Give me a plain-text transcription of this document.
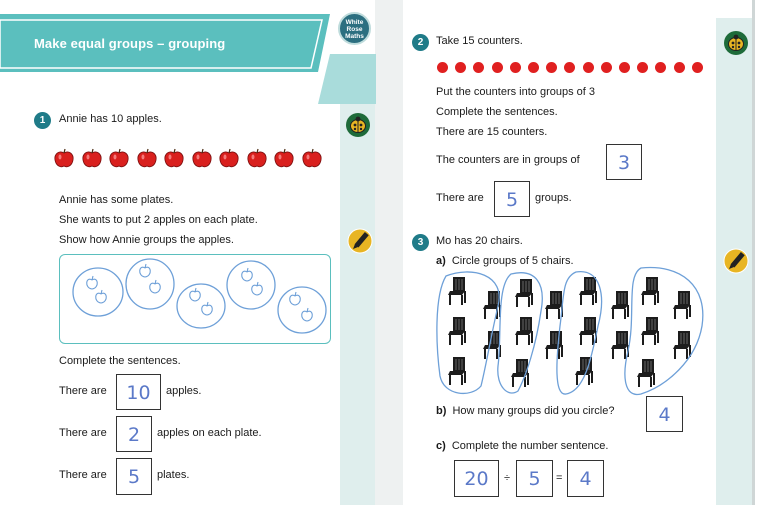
Make equal groups – grouping
White
Rose
Maths
1	Annie has 10 apples.
Annie has some plates.
She wants to put 2 apples on each plate.
Show how Annie groups the apples.
Complete the sentences.
There are	10	apples.
There are	2	apples on each plate.
There are	5	plates.
2	Take 15 counters.
Put the counters into groups of 3
Complete the sentences.
There are 15 counters.
The counters are in groups of	3
There are	5	groups.
3	Mo has 20 chairs.
a) Circle groups of 5 chairs.
b) How many groups did you circle?	4
c) Complete the number sentence.
20	÷ 5	= 4
